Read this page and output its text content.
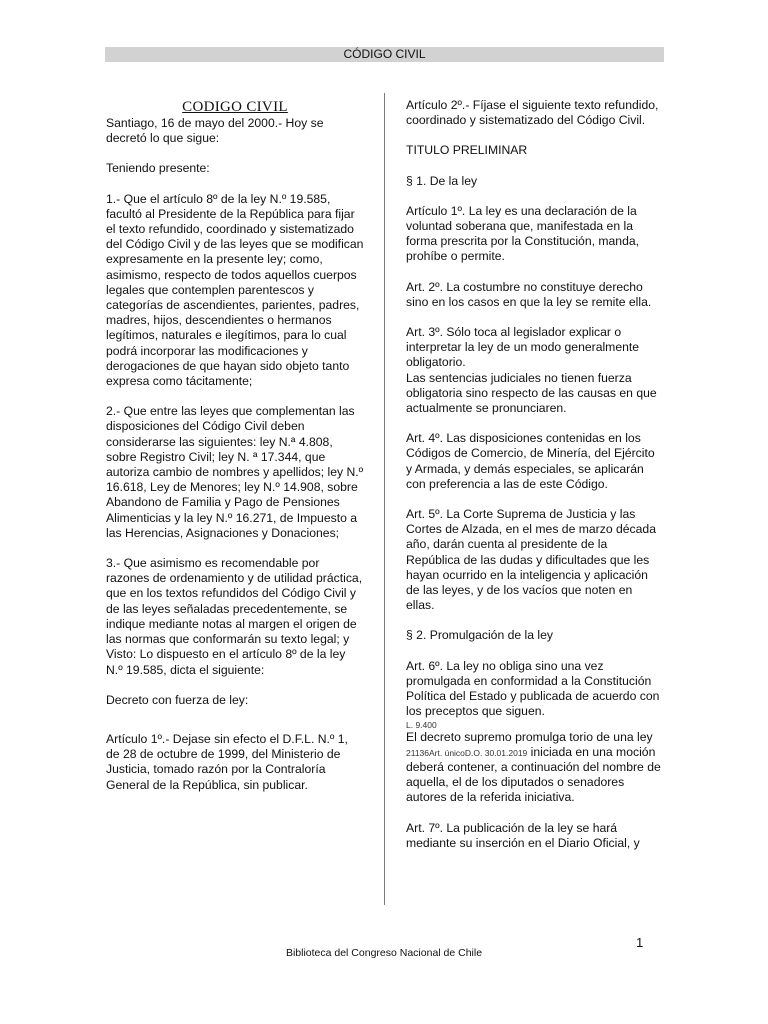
CÓDIGO CIVIL

CODIGO CIVIL

Santiago, 16 de mayo del 2000.- Hoy se decretó lo que sigue:

Teniendo presente:

1.- Que el artículo 8º de la ley N.º 19.585, facultó al Presidente de la República para fijar el texto refundido, coordinado y sistematizado del Código Civil y de las leyes que se modifican expresamente en la presente ley; como, asimismo, respecto de todos aquellos cuerpos legales que contemplen parentescos y categorías de ascendientes, parientes, padres, madres, hijos, descendientes o hermanos legítimos, naturales e ilegítimos, para lo cual podrá incorporar las modificaciones y derogaciones de que hayan sido objeto tanto expresa como tácitamente;

2.- Que entre las leyes que complementan las disposiciones del Código Civil deben considerarse las siguientes: ley N.ª 4.808, sobre Registro Civil; ley N. ª 17.344, que autoriza cambio de nombres y apellidos; ley N.º 16.618, Ley de Menores; ley N.º 14.908, sobre Abandono de Familia y Pago de Pensiones Alimenticias y la ley N.º 16.271, de Impuesto a las Herencias, Asignaciones y Donaciones;

3.- Que asimismo es recomendable por razones de ordenamiento y de utilidad práctica, que en los textos refundidos del Código Civil y de las leyes señaladas precedentemente, se indique mediante notas al margen el origen de las normas que conformarán su texto legal; y Visto: Lo dispuesto en el artículo 8º de la ley N.º 19.585, dicta el siguiente:

Decreto con fuerza de ley:

Artículo 1º.- Dejase sin efecto el D.F.L. N.º 1, de 28 de octubre de 1999, del Ministerio de Justicia, tomado razón por la Contraloría General de la República, sin publicar.

Artículo 2º.- Fíjase el siguiente texto refundido, coordinado y sistematizado del Código Civil.

TITULO PRELIMINAR

§ 1. De la ley

Artículo 1º. La ley es una declaración de la voluntad soberana que, manifestada en la forma prescrita por la Constitución, manda, prohíbe o permite.

Art. 2º. La costumbre no constituye derecho sino en los casos en que la ley se remite ella.

Art. 3º. Sólo toca al legislador explicar o interpretar la ley de un modo generalmente obligatorio.

Las sentencias judiciales no tienen fuerza obligatoria sino respecto de las causas en que actualmente se pronunciaren.

Art. 4º. Las disposiciones contenidas en los Códigos de Comercio, de Minería, del Ejército y Armada, y demás especiales, se aplicarán con preferencia a las de este Código.

Art. 5º. La Corte Suprema de Justicia y las Cortes de Alzada, en el mes de marzo década año, darán cuenta al presidente de la República de las dudas y dificultades que les hayan ocurrido en la inteligencia y aplicación de las leyes, y de los vacíos que noten en ellas.

§ 2. Promulgación de la ley

Art. 6º. La ley no obliga sino una vez promulgada en conformidad a la Constitución Política del Estado y publicada de acuerdo con los preceptos que siguen.

L. 9.400

El decreto supremo promulga torio de una ley 21136Art. únicoD.O. 30.01.2019 iniciada en una moción deberá contener, a continuación del nombre de aquella, el de los diputados o senadores autores de la referida iniciativa.

Art. 7º. La publicación de la ley se hará mediante su inserción en el Diario Oficial, y

1
Biblioteca del Congreso Nacional de Chile
